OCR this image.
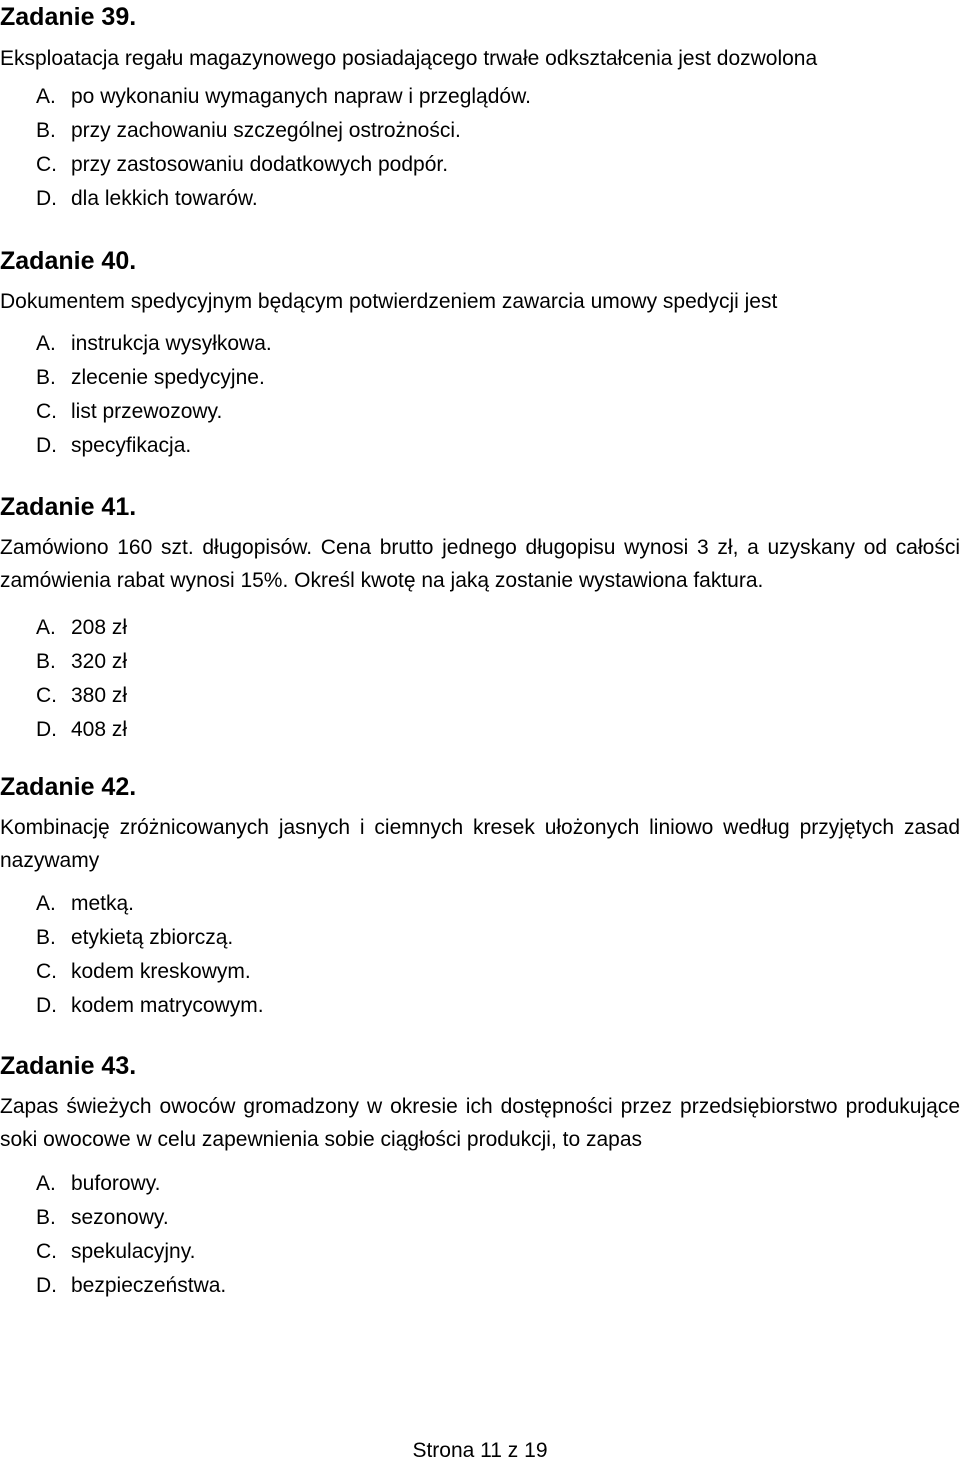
Zadanie 39.

Eksploatacja regału magazynowego posiadającego trwałe odkształcenia jest dozwolona

A. po wykonaniu wymaganych napraw i przeglądów.
B. przy zachowaniu szczególnej ostrożności.
C. przy zastosowaniu dodatkowych podpór.
D. dla lekkich towarów.
Zadanie 40.

Dokumentem spedycyjnym będącym potwierdzeniem zawarcia umowy spedycji jest

A. instrukcja wysyłkowa.
B. zlecenie spedycyjne.
C. list przewozowy.
D. specyfikacja.
Zadanie 41.

Zamówiono 160 szt. długopisów. Cena brutto jednego długopisu wynosi 3 zł, a uzyskany od całości zamówienia rabat wynosi 15%. Określ kwotę na jaką zostanie wystawiona faktura.

A. 208 zł
B. 320 zł
C. 380 zł
D. 408 zł
Zadanie 42.

Kombinację zróżnicowanych jasnych i ciemnych kresek ułożonych liniowo według przyjętych zasad nazywamy

A. metką.
B. etykietą zbiorczą.
C. kodem kreskowym.
D. kodem matrycowym.
Zadanie 43.

Zapas świeżych owoców gromadzony w okresie ich dostępności przez przedsiębiorstwo produkujące soki owocowe w celu zapewnienia sobie ciągłości produkcji, to zapas

A. buforowy.
B. sezonowy.
C. spekulacyjny.
D. bezpieczeństwa.
Strona 11 z 19
